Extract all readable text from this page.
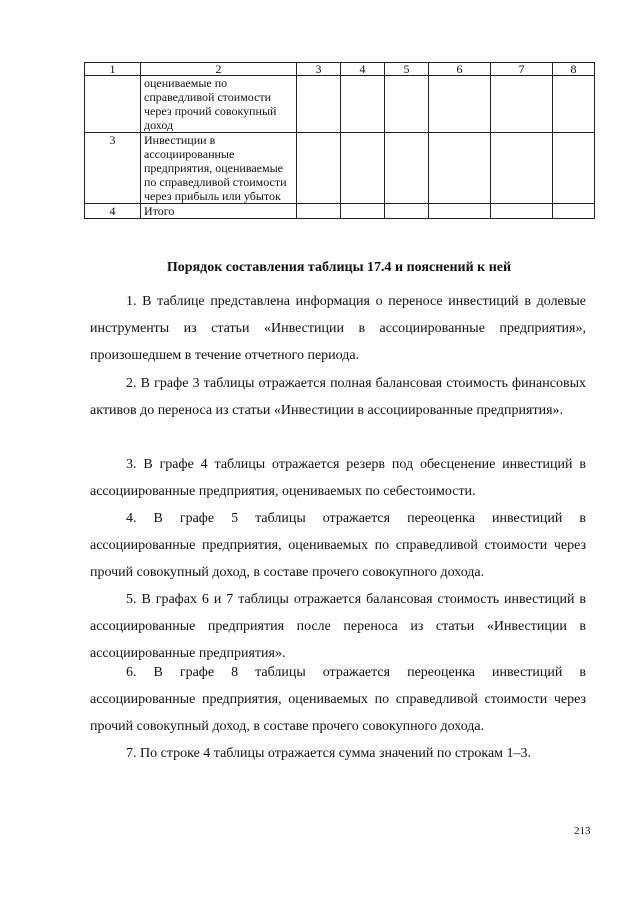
1	2	3	4	5	6	7	8
	оцениваемые по справедливой стоимости через прочий совокупный доход						
3	Инвестиции в ассоциированные предприятия, оцениваемые по справедливой стоимости через прибыль или убыток						
4	Итого						
Порядок составления таблицы 17.4 и пояснений к ней

1. В таблице представлена информация о переносе инвестиций в долевые инструменты из статьи «Инвестиции в ассоциированные предприятия», произошедшем в течение отчетного периода.

2. В графе 3 таблицы отражается полная балансовая стоимость финансовых активов до переноса из статьи «Инвестиции в ассоциированные предприятия».

3. В графе 4 таблицы отражается резерв под обесценение инвестиций в ассоциированные предприятия, оцениваемых по себестоимости.

4. В графе 5 таблицы отражается переоценка инвестиций в ассоциированные предприятия, оцениваемых по справедливой стоимости через прочий совокупный доход, в составе прочего совокупного дохода.

5. В графах 6 и 7 таблицы отражается балансовая стоимость инвестиций в ассоциированные предприятия после переноса из статьи «Инвестиции в ассоциированные предприятия».

6. В графе 8 таблицы отражается переоценка инвестиций в ассоциированные предприятия, оцениваемых по справедливой стоимости через прочий совокупный доход, в составе прочего совокупного дохода.

7. По строке 4 таблицы отражается сумма значений по строкам 1–3.

213
